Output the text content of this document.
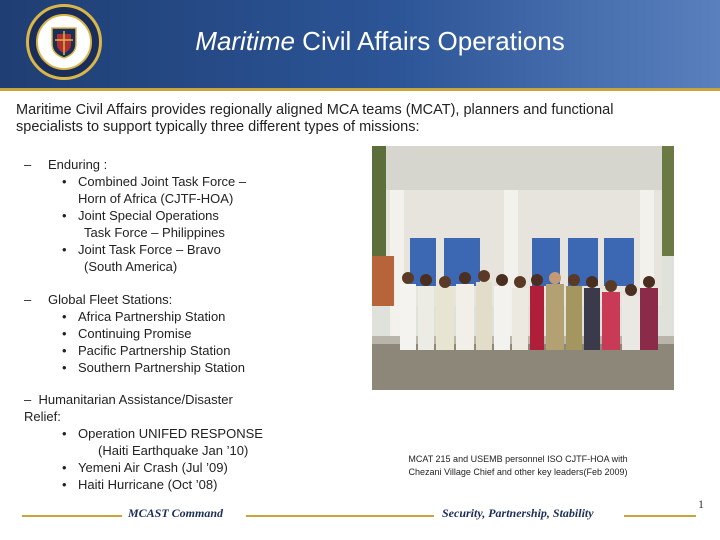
Maritime Civil Affairs Operations
Maritime Civil Affairs provides regionally aligned MCA teams (MCAT), planners and functional specialists to support typically three different types of missions:
– Enduring :
• Combined Joint Task Force –
Horn of Africa (CJTF-HOA)
• Joint Special Operations
Task Force – Philippines
• Joint Task Force – Bravo
(South America)
– Global Fleet Stations:
• Africa Partnership Station
• Continuing Promise
• Pacific Partnership Station
• Southern Partnership Station
– Humanitarian Assistance/Disaster
Relief:
• Operation UNIFED RESPONSE
(Haiti Earthquake Jan ’10)
• Yemeni Air Crash (Jul ’09)
• Haiti Hurricane (Oct ’08)
MCAT 215 and USEMB personnel ISO CJTF-HOA with
Chezani Village Chief and other key leaders(Feb 2009)
MCAST Command	Security, Partnership, Stability
1
